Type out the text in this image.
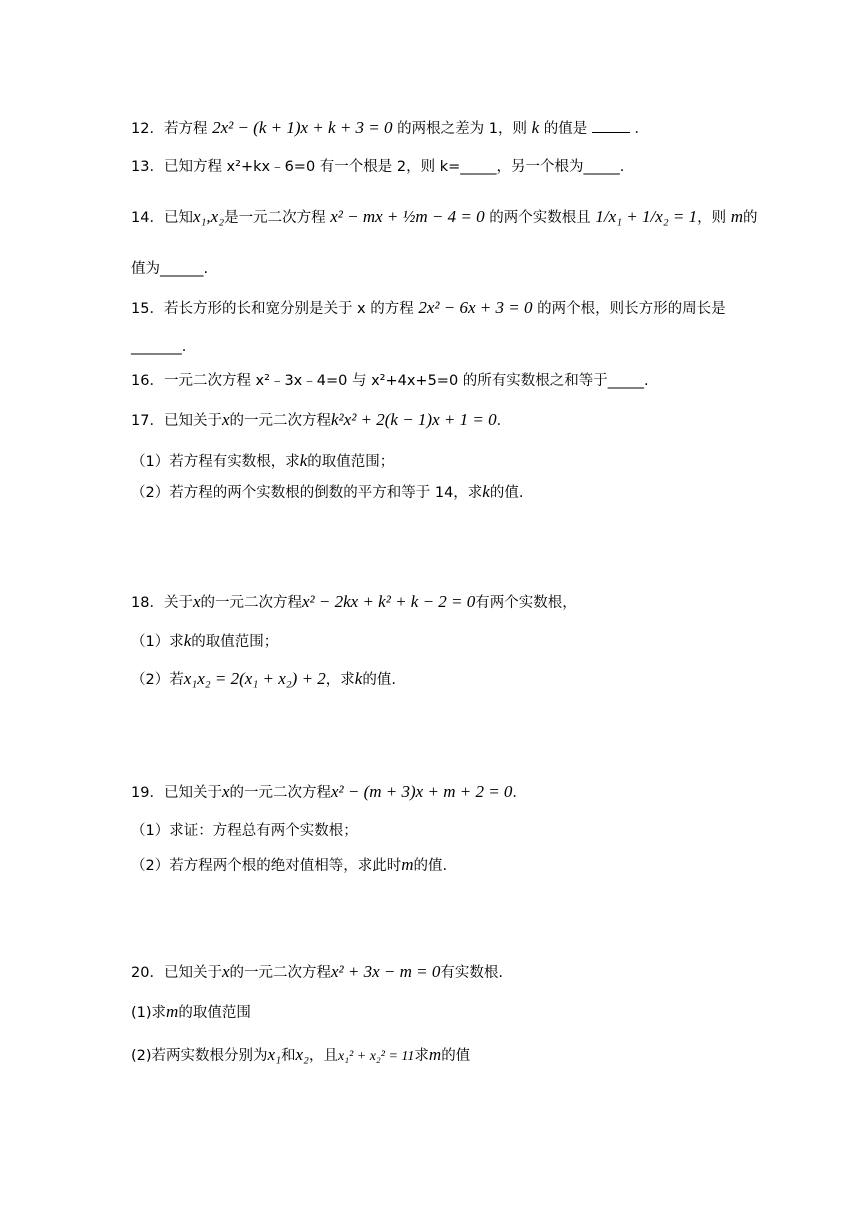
12．若方程 2x² − (k + 1)x + k + 3 = 0 的两根之差为 1，则 k 的值是	．
13．已知方程 x²+kx﹣6=0 有一个根是 2，则 k=_____，另一个根为_____.
14．已知x₁,x₂是一元二次方程 x² − mx + ½m − 4 = 0 的两个实数根且 1/x₁ + 1/x₂ = 1，则 m的
值为______.
15．若长方形的长和宽分别是关于 x 的方程 2x² − 6x + 3 = 0 的两个根，则长方形的周长是
_______.
16．一元二次方程 x²﹣3x﹣4=0 与 x²+4x+5=0 的所有实数根之和等于_____.
17．已知关于x的一元二次方程k²x² + 2(k − 1)x + 1 = 0．
（1）若方程有实数根，求k的取值范围；
（2）若方程的两个实数根的倒数的平方和等于 14，求k的值.
18．关于x的一元二次方程x² − 2kx + k² + k − 2 = 0有两个实数根，
（1）求k的取值范围；
（2）若x₁x₂ = 2(x₁ + x₂) + 2，求k的值.
19．已知关于x的一元二次方程x² − (m + 3)x + m + 2 = 0．
（1）求证：方程总有两个实数根；
（2）若方程两个根的绝对值相等，求此时m的值.
20．已知关于x的一元二次方程x² + 3x − m = 0有实数根.
(1)求m的取值范围
(2)若两实数根分别为x₁和x₂，且x₁² + x₂² = 11求m的值
